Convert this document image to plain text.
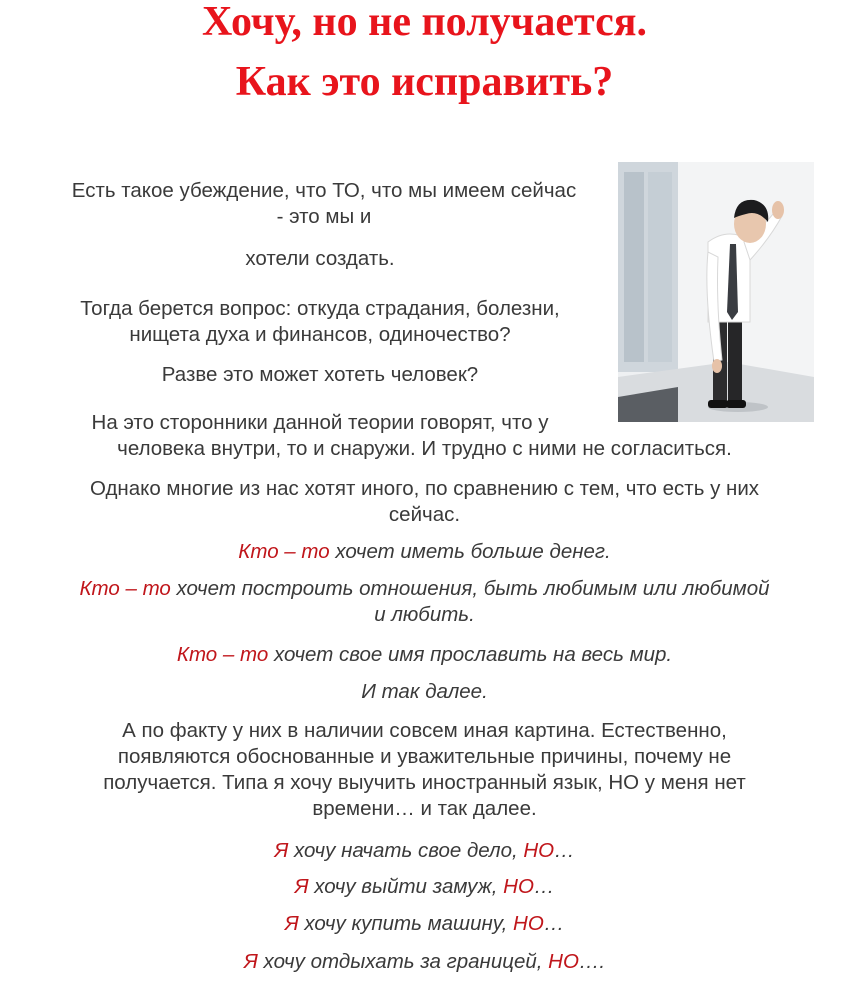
Хочу, но не получается.
Как это исправить?

Есть такое убеждение, что ТО, что мы имеем сейчас

- это мы и

хотели создать.

Тогда берется вопрос: откуда страдания, болезни,

нищета духа и финансов, одиночество?

Разве это может хотеть человек?

На это сторонники данной теории говорят, что у

человека внутри, то и снаружи. И трудно с ними не согласиться.

Однако многие из нас хотят иного, по сравнению с тем, что есть у них

сейчас.

Кто – то хочет иметь больше денег.

Кто – то хочет построить отношения, быть любимым или любимой

и любить.

Кто – то хочет свое имя прославить на весь мир.

И так далее.

А по факту у них в наличии совсем иная картина. Естественно,

появляются обоснованные и уважительные причины, почему не

получается. Типа я хочу выучить иностранный язык, НО у меня нет

времени… и так далее.

Я хочу начать свое дело, НО…

Я хочу выйти замуж, НО…

Я хочу купить машину, НО…

Я хочу отдыхать за границей, НО….
